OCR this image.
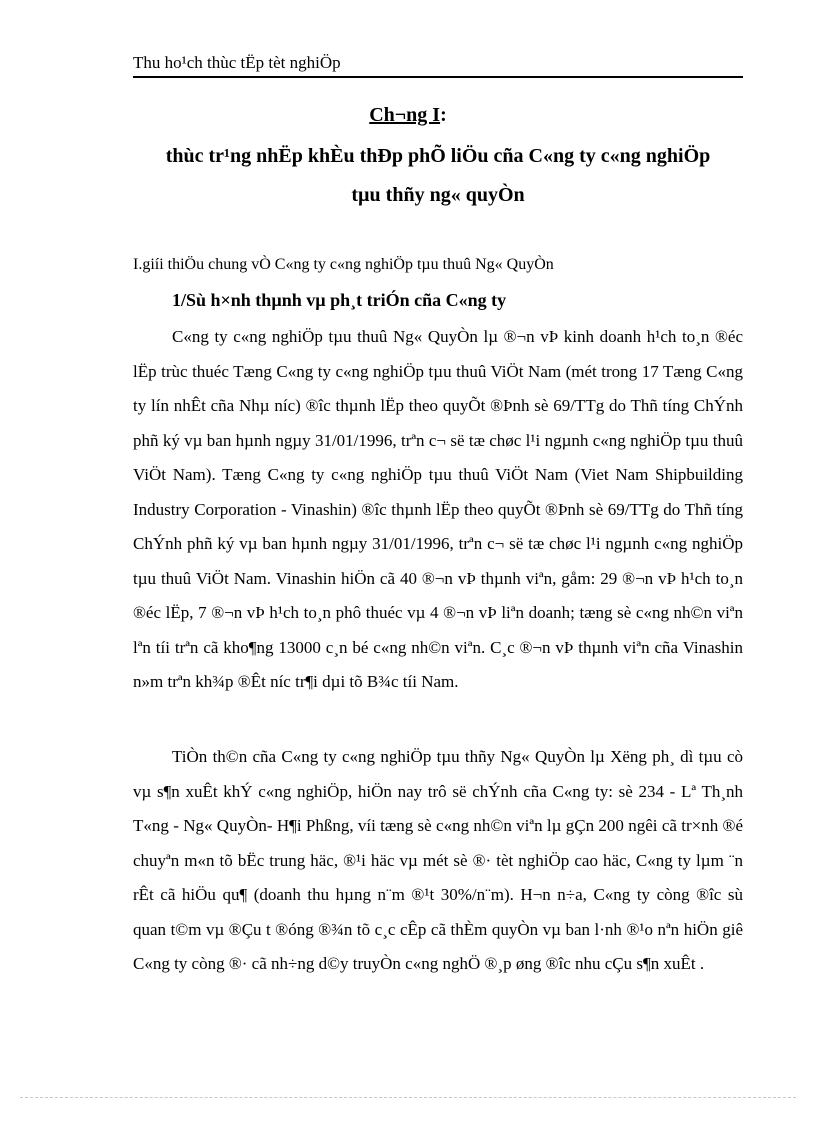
Thu ho¹ch thùc tËp tèt nghiÖp
Ch¬ng I:
thùc tr¹ng nhËp khÈu thÐp phÕ liÖu cña C«ng ty c«ng nghiÖp
tµu thñy ng« quyÒn
I.giíi thiÖu chung vÒ C«ng ty c«ng nghiÖp tµu thuû Ng« QuyÒn
1/Sù h×nh thµnh vµ ph¸t triÓn cña C«ng ty
C«ng ty c«ng nghiÖp tµu thuû Ng« QuyÒn lµ ®¬n vÞ kinh doanh h¹ch to¸n ®éc lËp trùc thuéc Tæng C«ng ty c«ng nghiÖp tµu thuû ViÖt Nam (mét trong 17 Tæng C«ng ty lín nhÊt cña Nhµ níc) ®îc thµnh lËp theo quyÕt ®Þnh sè 69/TTg do Thñ tíng ChÝnh phñ ký vµ ban hµnh ngµy 31/01/1996, trªn c¬ së tæ chøc l¹i ngµnh c«ng nghiÖp tµu thuû ViÖt Nam). Tæng C«ng ty c«ng nghiÖp tµu thuû ViÖt Nam (Viet Nam Shipbuilding Industry Corporation - Vinashin) ®îc thµnh lËp theo quyÕt ®Þnh sè 69/TTg do Thñ tíng ChÝnh phñ ký vµ ban hµnh ngµy 31/01/1996, trªn c¬ së tæ chøc l¹i ngµnh c«ng nghiÖp tµu thuû ViÖt Nam. Vinashin hiÖn cã 40 ®¬n vÞ thµnh viªn, gåm: 29 ®¬n vÞ h¹ch to¸n ®éc lËp, 7 ®¬n vÞ h¹ch to¸n phô thuéc vµ 4 ®¬n vÞ liªn doanh; tæng sè c«ng nh©n viªn lªn tíi trªn cã kho¶ng 13000 c¸n bé c«ng nh©n viªn. C¸c ®¬n vÞ thµnh viªn cña Vinashin n»m trªn kh¾p ®Êt níc tr¶i dµi tõ B¾c tíi Nam.
TiÒn th©n cña C«ng ty c«ng nghiÖp tµu thñy Ng« QuyÒn lµ Xëng ph¸ dì tµu cò vµ s¶n xuÊt khÝ c«ng nghiÖp, hiÖn nay trô së chÝnh cña C«ng ty: sè 234 - Lª Th¸nh T«ng - Ng« QuyÒn- H¶i Phßng, víi tæng sè c«ng nh©n viªn lµ gÇn 200 ngêi cã tr×nh ®é chuyªn m«n tõ bËc trung häc, ®¹i häc vµ mét sè ®· tèt nghiÖp cao häc, C«ng ty lµm ¨n rÊt cã hiÖu qu¶ (doanh thu hµng n¨m ®¹t 30%/n¨m). H¬n n÷a, C«ng ty còng ®îc sù quan t©m vµ ®Çu t ®óng ®¾n tõ c¸c cÊp cã thÈm quyÒn vµ ban l·nh ®¹o nªn hiÖn giê C«ng ty còng ®· cã nh÷ng d©y truyÒn c«ng nghÖ ®¸p øng ®îc nhu cÇu s¶n xuÊt .
